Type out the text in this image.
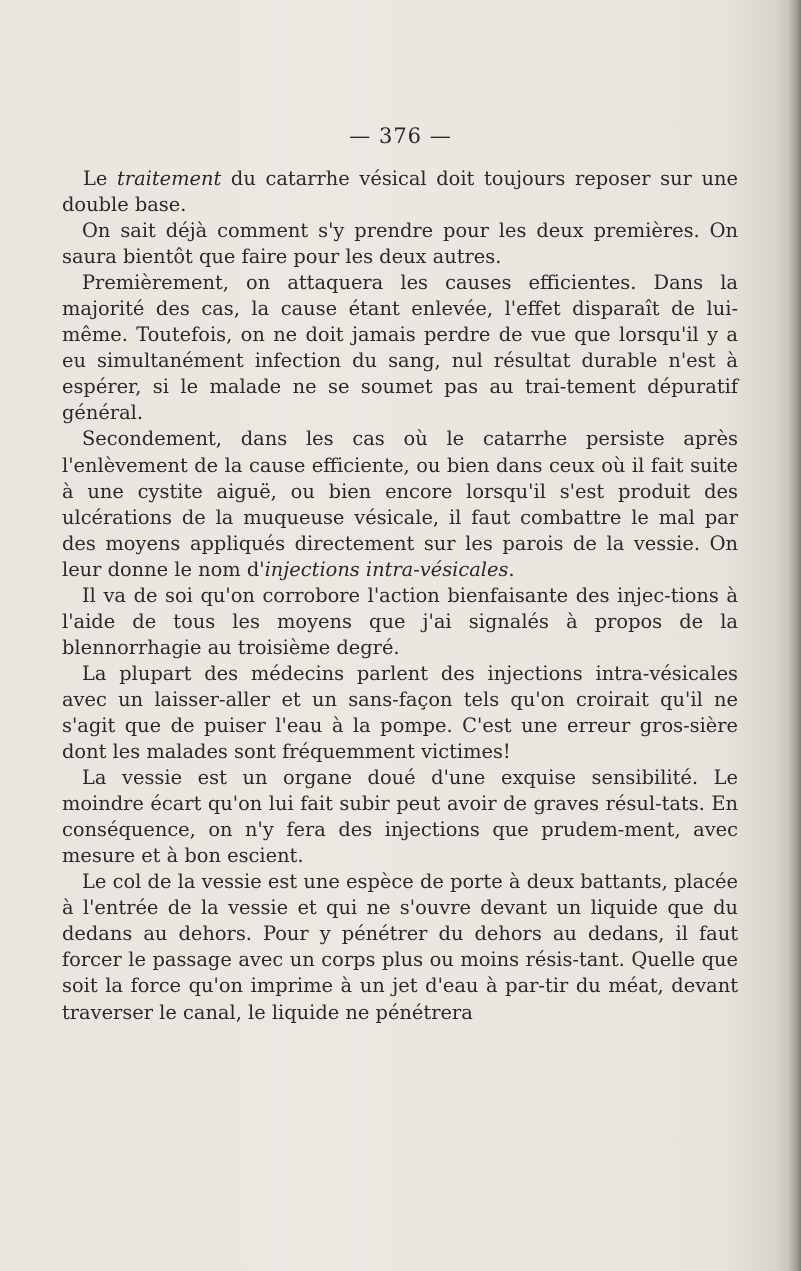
— 376 —

Le traitement du catarrhe vésical doit toujours reposer sur une double base.

On sait déjà comment s'y prendre pour les deux premières. On saura bientôt que faire pour les deux autres.

Premièrement, on attaquera les causes efficientes. Dans la majorité des cas, la cause étant enlevée, l'effet disparaît de lui-même. Toutefois, on ne doit jamais perdre de vue que lorsqu'il y a eu simultanément infection du sang, nul résultat durable n'est à espérer, si le malade ne se soumet pas au trai-tement dépuratif général.

Secondement, dans les cas où le catarrhe persiste après l'enlèvement de la cause efficiente, ou bien dans ceux où il fait suite à une cystite aiguë, ou bien encore lorsqu'il s'est produit des ulcérations de la muqueuse vésicale, il faut combattre le mal par des moyens appliqués directement sur les parois de la vessie. On leur donne le nom d'injections intra-vésicales.

Il va de soi qu'on corrobore l'action bienfaisante des injec-tions à l'aide de tous les moyens que j'ai signalés à propos de la blennorrhagie au troisième degré.

La plupart des médecins parlent des injections intra-vésicales avec un laisser-aller et un sans-façon tels qu'on croirait qu'il ne s'agit que de puiser l'eau à la pompe. C'est une erreur gros-sière dont les malades sont fréquemment victimes!

La vessie est un organe doué d'une exquise sensibilité. Le moindre écart qu'on lui fait subir peut avoir de graves résul-tats. En conséquence, on n'y fera des injections que prudem-ment, avec mesure et à bon escient.

Le col de la vessie est une espèce de porte à deux battants, placée à l'entrée de la vessie et qui ne s'ouvre devant un liquide que du dedans au dehors. Pour y pénétrer du dehors au dedans, il faut forcer le passage avec un corps plus ou moins résis-tant. Quelle que soit la force qu'on imprime à un jet d'eau à par-tir du méat, devant traverser le canal, le liquide ne pénétrera
